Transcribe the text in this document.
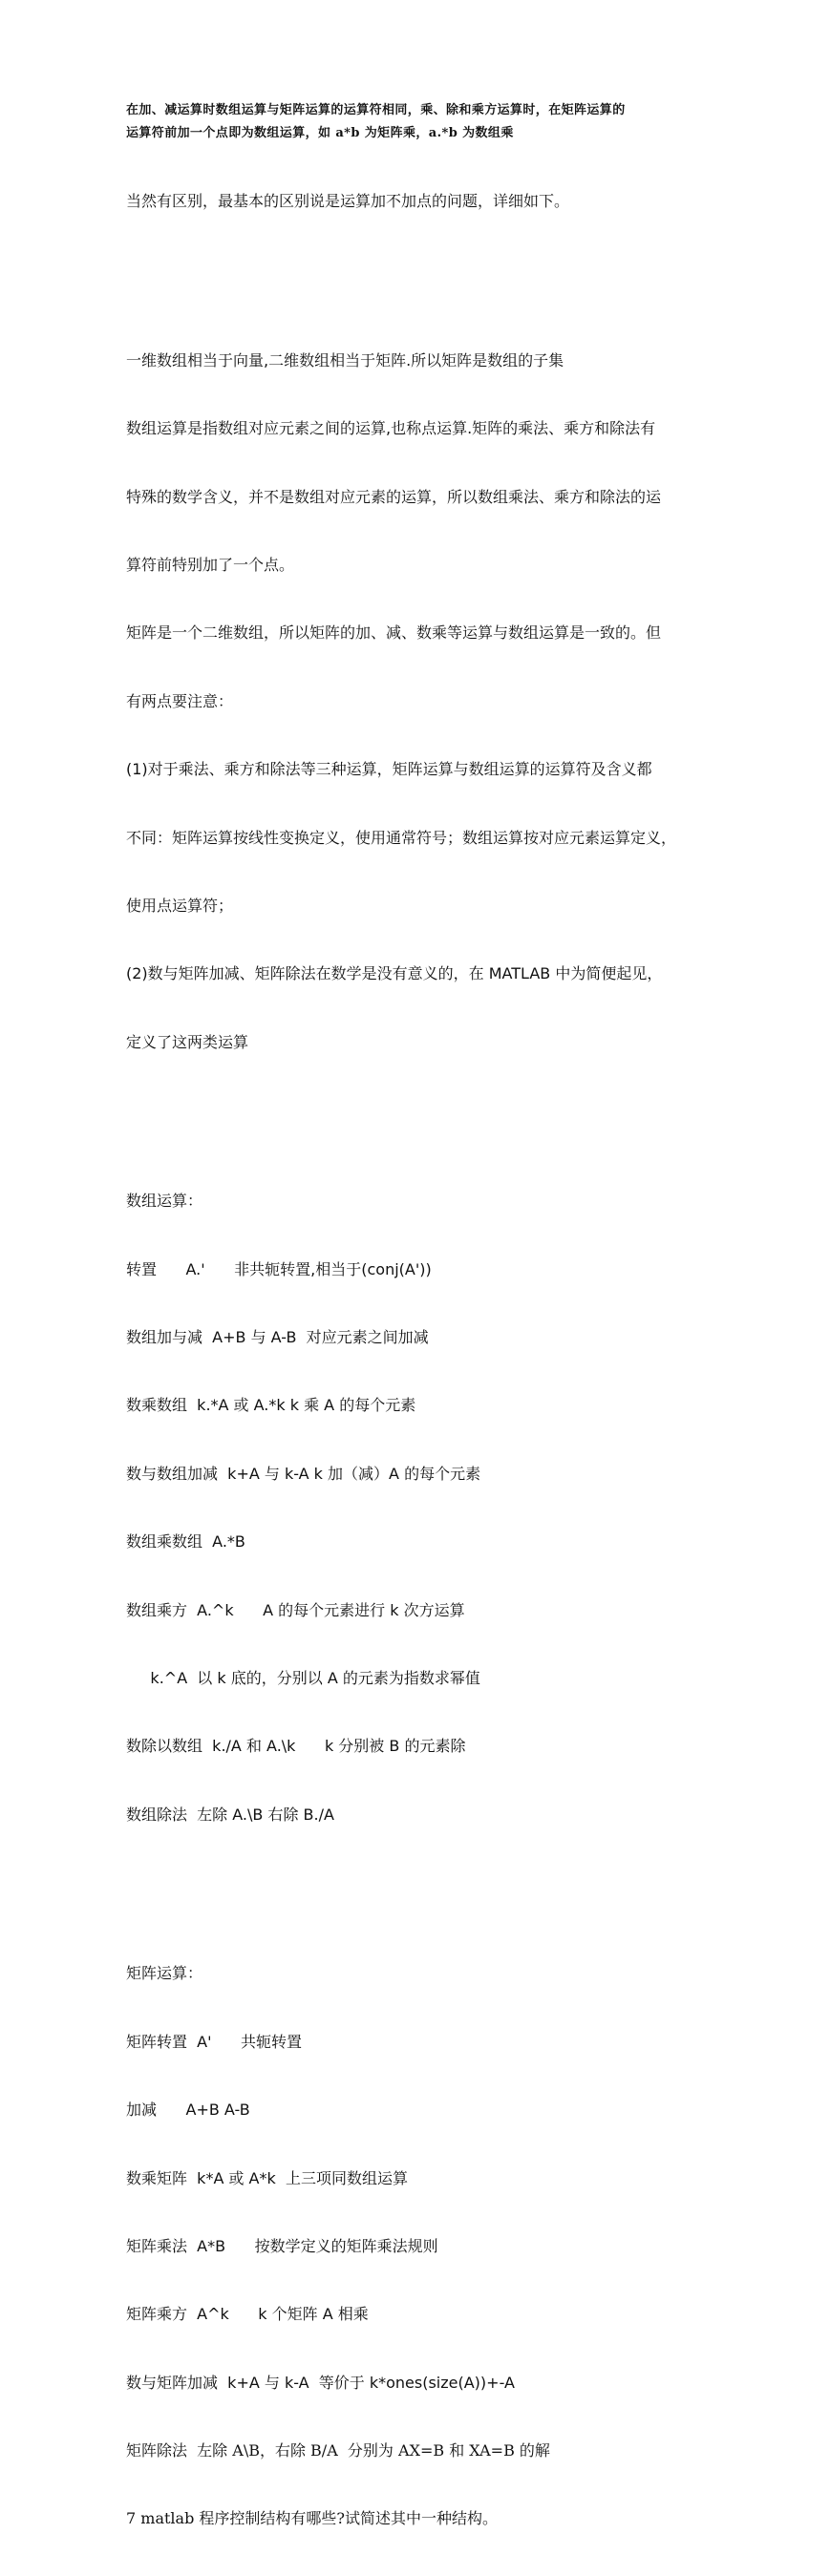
在加、减运算时数组运算与矩阵运算的运算符相同，乘、除和乘方运算时，在矩阵运算的
运算符前加一个点即为数组运算，如 a*b 为矩阵乘，a.*b 为数组乘

当然有区别，最基本的区别说是运算加不加点的问题，详细如下。

一维数组相当于向量,二维数组相当于矩阵.所以矩阵是数组的子集

数组运算是指数组对应元素之间的运算,也称点运算.矩阵的乘法、乘方和除法有

特殊的数学含义，并不是数组对应元素的运算，所以数组乘法、乘方和除法的运

算符前特别加了一个点。

矩阵是一个二维数组，所以矩阵的加、减、数乘等运算与数组运算是一致的。但

有两点要注意：

(1)对于乘法、乘方和除法等三种运算，矩阵运算与数组运算的运算符及含义都

不同：矩阵运算按线性变换定义，使用通常符号；数组运算按对应元素运算定义，

使用点运算符；

(2)数与矩阵加减、矩阵除法在数学是没有意义的，在 MATLAB 中为简便起见，

定义了这两类运算

数组运算：

转置      A.'      非共轭转置,相当于(conj(A'))

数组加与减  A+B 与 A-B  对应元素之间加减

数乘数组  k.*A 或 A.*k k 乘 A 的每个元素

数与数组加减  k+A 与 k-A k 加（减）A 的每个元素

数组乘数组  A.*B

数组乘方  A.^k      A 的每个元素进行 k 次方运算

k.^A  以 k 底的，分别以 A 的元素为指数求幂值

数除以数组  k./A 和 A.\k      k 分别被 B 的元素除

数组除法  左除 A.\B 右除 B./A

矩阵运算：

矩阵转置  A'      共轭转置

加减      A+B A-B

数乘矩阵  k*A 或 A*k  上三项同数组运算

矩阵乘法  A*B      按数学定义的矩阵乘法规则

矩阵乘方  A^k      k 个矩阵 A 相乘

数与矩阵加减  k+A 与 k-A  等价于 k*ones(size(A))+-A

矩阵除法  左除 A\B，右除 B/A  分别为 AX=B 和 XA=B 的解

7 matlab 程序控制结构有哪些?试简述其中一种结构。
